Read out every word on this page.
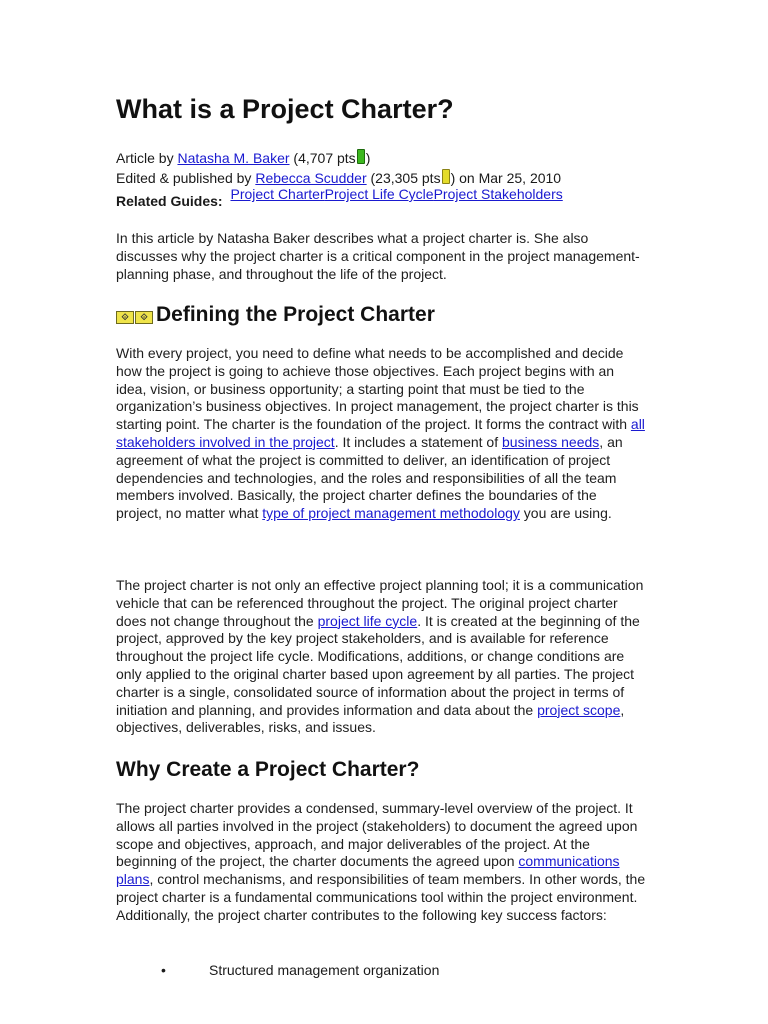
What is a Project Charter?
Article by Natasha M. Baker (4,707 pts )
Edited & published by Rebecca Scudder (23,305 pts ) on Mar 25, 2010
Related Guides: Project CharterProject Life CycleProject Stakeholders

In this article by Natasha Baker describes what a project charter is. She also discusses why the project charter is a critical component in the project management-planning phase, and throughout the life of the project.

⟐ ⟐ Defining the Project Charter

With every project, you need to define what needs to be accomplished and decide how the project is going to achieve those objectives. Each project begins with an idea, vision, or business opportunity; a starting point that must be tied to the organization’s business objectives. In project management, the project charter is this starting point. The charter is the foundation of the project. It forms the contract with all stakeholders involved in the project. It includes a statement of business needs, an agreement of what the project is committed to deliver, an identification of project dependencies and technologies, and the roles and responsibilities of all the team members involved. Basically, the project charter defines the boundaries of the project, no matter what type of project management methodology you are using.

The project charter is not only an effective project planning tool; it is a communication vehicle that can be referenced throughout the project. The original project charter does not change throughout the project life cycle. It is created at the beginning of the project, approved by the key project stakeholders, and is available for reference throughout the project life cycle. Modifications, additions, or change conditions are only applied to the original charter based upon agreement by all parties. The project charter is a single, consolidated source of information about the project in terms of initiation and planning, and provides information and data about the project scope, objectives, deliverables, risks, and issues.

Why Create a Project Charter?

The project charter provides a condensed, summary-level overview of the project. It allows all parties involved in the project (stakeholders) to document the agreed upon scope and objectives, approach, and major deliverables of the project. At the beginning of the project, the charter documents the agreed upon communications plans, control mechanisms, and responsibilities of team members. In other words, the project charter is a fundamental communications tool within the project environment. Additionally, the project charter contributes to the following key success factors:

•	Structured management organization
